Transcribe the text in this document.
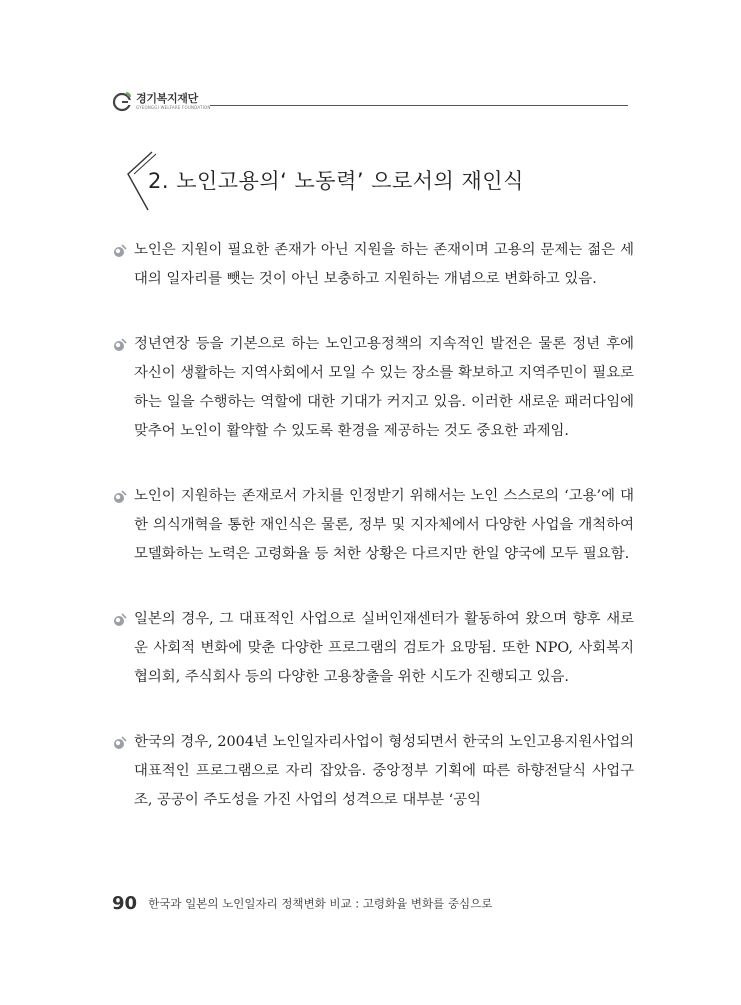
경기복지재단
GYEONGGI WELFARE FOUNDATION
2. 노인고용의‘ 노동력’ 으로서의 재인식

노인은 지원이 필요한 존재가 아닌 지원을 하는 존재이며 고용의 문제는 젊은 세대의 일자리를 뺏는 것이 아닌 보충하고 지원하는 개념으로 변화하고 있음.

정년연장 등을 기본으로 하는 노인고용정책의 지속적인 발전은 물론 정년 후에 자신이 생활하는 지역사회에서 모일 수 있는 장소를 확보하고 지역주민이 필요로 하는 일을 수행하는 역할에 대한 기대가 커지고 있음. 이러한 새로운 패러다임에 맞추어 노인이 활약할 수 있도록 환경을 제공하는 것도 중요한 과제임.

노인이 지원하는 존재로서 가치를 인정받기 위해서는 노인 스스로의 ‘고용’에 대한 의식개혁을 통한 재인식은 물론, 정부 및 지자체에서 다양한 사업을 개척하여 모델화하는 노력은 고령화율 등 처한 상황은 다르지만 한일 양국에 모두 필요함.

일본의 경우, 그 대표적인 사업으로 실버인재센터가 활동하여 왔으며 향후 새로운 사회적 변화에 맞춘 다양한 프로그램의 검토가 요망됨. 또한 NPO, 사회복지협의회, 주식회사 등의 다양한 고용창출을 위한 시도가 진행되고 있음.

한국의 경우, 2004년 노인일자리사업이 형성되면서 한국의 노인고용지원사업의 대표적인 프로그램으로 자리 잡았음. 중앙정부 기획에 따른 하향전달식 사업구조, 공공이 주도성을 가진 사업의 성격으로 대부분 ‘공익

90 한국과 일본의 노인일자리 정책변화 비교 : 고령화율 변화를 중심으로
